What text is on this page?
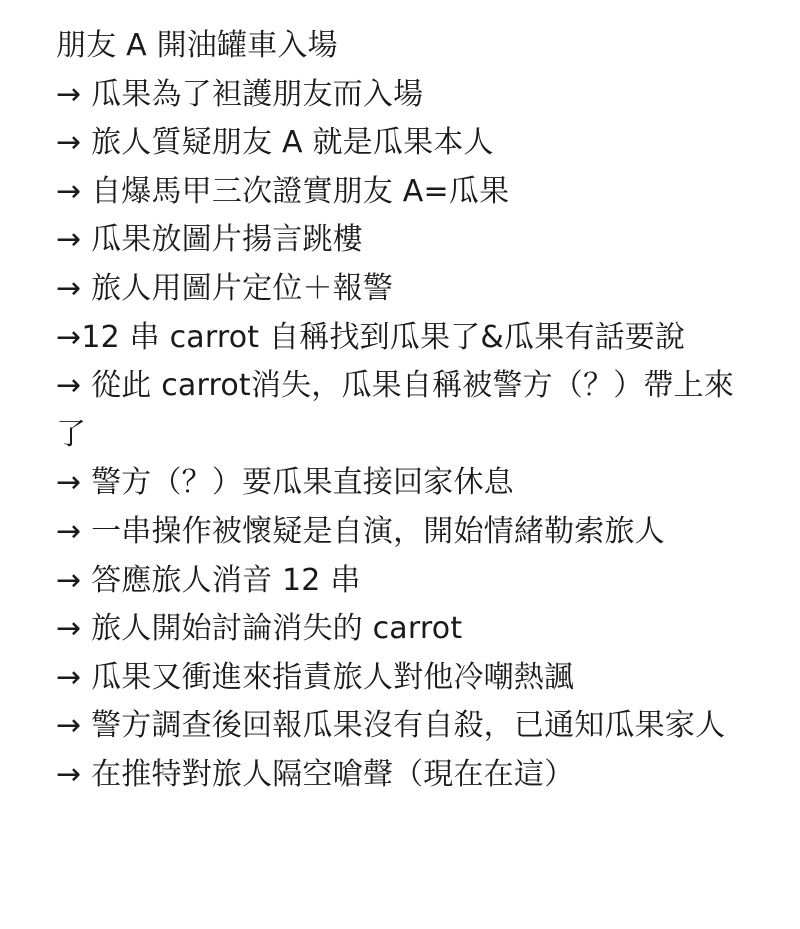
朋友 A 開油罐車入場
→ 瓜果為了袒護朋友而入場
→ 旅人質疑朋友 A 就是瓜果本人
→ 自爆馬甲三次證實朋友 A=瓜果
→ 瓜果放圖片揚言跳樓
→ 旅人用圖片定位＋報警
→12 串 carrot 自稱找到瓜果了&瓜果有話要說
→ 從此 carrot消失，瓜果自稱被警方（？）帶上來了
→ 警方（？）要瓜果直接回家休息
→ 一串操作被懷疑是自演，開始情緒勒索旅人
→ 答應旅人消音 12 串
→ 旅人開始討論消失的 carrot
→ 瓜果又衝進來指責旅人對他冷嘲熱諷
→ 警方調查後回報瓜果沒有自殺，已通知瓜果家人
→ 在推特對旅人隔空嗆聲（現在在這）
